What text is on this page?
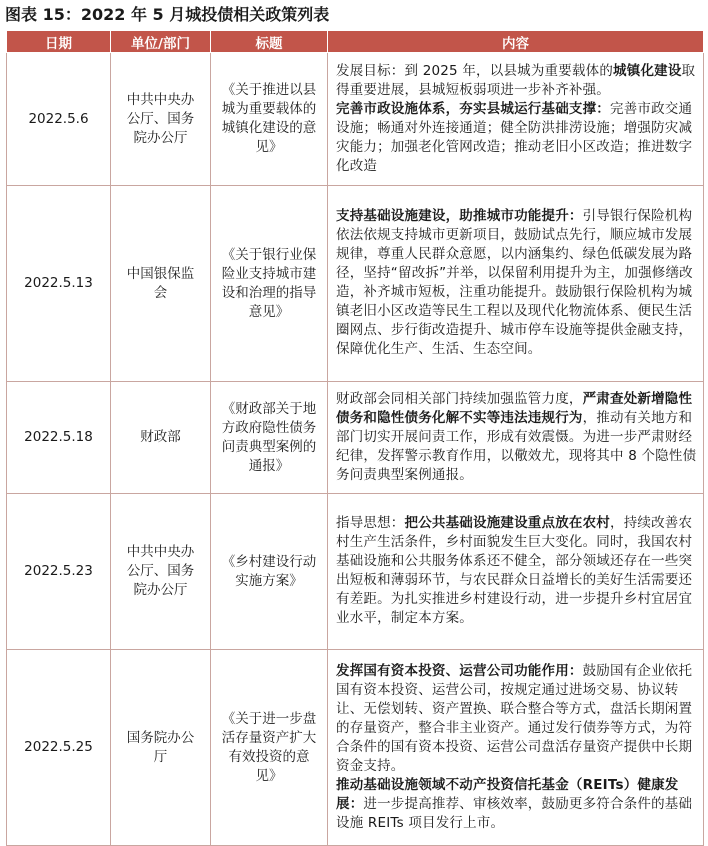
图表 15：2022 年 5 月城投债相关政策列表
日期	单位/部门	标题	内容
2022.5.6	中共中央办公厅、国务院办公厅	《关于推进以县城为重要载体的城镇化建设的意见》	发展目标：到 2025 年，以县城为重要载体的城镇化建设取得重要进展，县城短板弱项进一步补齐补强。
完善市政设施体系，夯实县城运行基础支撑：完善市政交通设施；畅通对外连接通道；健全防洪排涝设施；增强防灾减灾能力；加强老化管网改造；推动老旧小区改造；推进数字化改造

2022.5.13	中国银保监会	《关于银行业保险业支持城市建设和治理的指导意见》	支持基础设施建设，助推城市功能提升：引导银行保险机构依法依规支持城市更新项目，鼓励试点先行，顺应城市发展规律，尊重人民群众意愿，以内涵集约、绿色低碳发展为路径，坚持“留改拆”并举，以保留利用提升为主，加强修缮改造，补齐城市短板，注重功能提升。鼓励银行保险机构为城镇老旧小区改造等民生工程以及现代化物流体系、便民生活圈网点、步行街改造提升、城市停车设施等提供金融支持，保障优化生产、生活、生态空间。

2022.5.18	财政部	《财政部关于地方政府隐性债务问责典型案例的通报》	财政部会同相关部门持续加强监管力度，严肃查处新增隐性债务和隐性债务化解不实等违法违规行为，推动有关地方和部门切实开展问责工作，形成有效震慑。为进一步严肃财经纪律，发挥警示教育作用，以儆效尤，现将其中 8 个隐性债务问责典型案例通报。

2022.5.23	中共中央办公厅、国务院办公厅	《乡村建设行动实施方案》	指导思想：把公共基础设施建设重点放在农村，持续改善农村生产生活条件，乡村面貌发生巨大变化。同时，我国农村基础设施和公共服务体系还不健全，部分领域还存在一些突出短板和薄弱环节，与农民群众日益增长的美好生活需要还有差距。为扎实推进乡村建设行动，进一步提升乡村宜居宜业水平，制定本方案。

2022.5.25	国务院办公厅	《关于进一步盘活存量资产扩大有效投资的意见》	发挥国有资本投资、运营公司功能作用：鼓励国有企业依托国有资本投资、运营公司，按规定通过进场交易、协议转让、无偿划转、资产置换、联合整合等方式，盘活长期闲置的存量资产，整合非主业资产。通过发行债券等方式，为符合条件的国有资本投资、运营公司盘活存量资产提供中长期资金支持。
推动基础设施领域不动产投资信托基金（REITs）健康发展：进一步提高推荐、审核效率，鼓励更多符合条件的基础设施 REITs 项目发行上市。
